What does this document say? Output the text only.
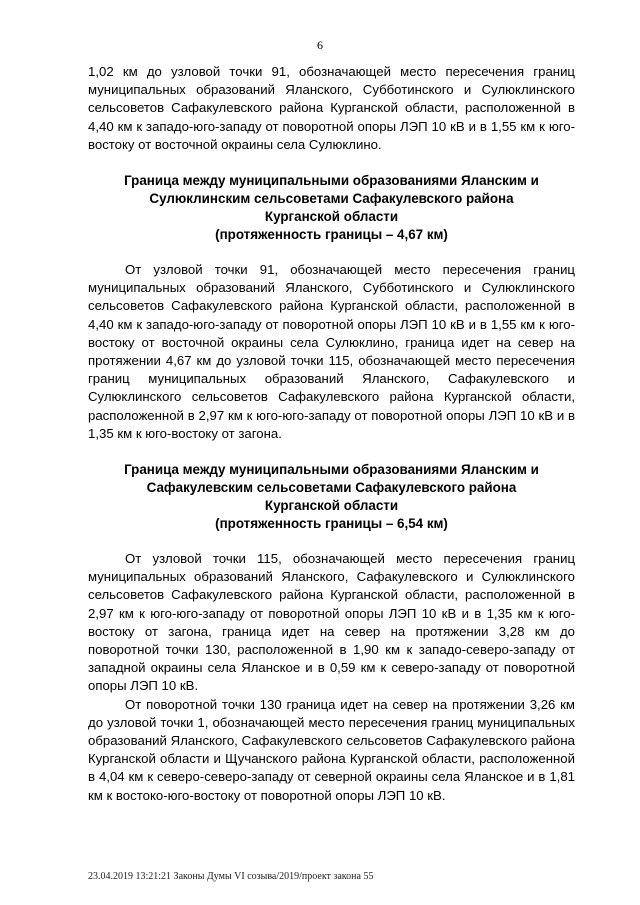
6

1,02 км до узловой точки 91, обозначающей место пересечения границ муниципальных образований Яланского, Субботинского и Сулюклинского сельсоветов Сафакулевского района Курганской области, расположенной в 4,40 км к западо-юго-западу от поворотной опоры ЛЭП 10 кВ и в 1,55 км к юго-востоку от восточной окраины села Сулюклино.

Граница между муниципальными образованиями Яланским и

Сулюклинским сельсоветами Сафакулевского района

Курганской области

(протяженность границы – 4,67 км)

От узловой точки 91, обозначающей место пересечения границ муниципальных образований Яланского, Субботинского и Сулюклинского сельсоветов Сафакулевского района Курганской области, расположенной в 4,40 км к западо-юго-западу от поворотной опоры ЛЭП 10 кВ и в 1,55 км к юго-востоку от восточной окраины села Сулюклино, граница идет на север на протяжении 4,67 км до узловой точки 115, обозначающей место пересечения границ муниципальных образований Яланского, Сафакулевского и Сулюклинского сельсоветов Сафакулевского района Курганской области, расположенной в 2,97 км к юго-юго-западу от поворотной опоры ЛЭП 10 кВ и в 1,35 км к юго-востоку от загона.

Граница между муниципальными образованиями Яланским и

Сафакулевским сельсоветами Сафакулевского района

Курганской области

(протяженность границы – 6,54 км)

От узловой точки 115, обозначающей место пересечения границ муниципальных образований Яланского, Сафакулевского и Сулюклинского сельсоветов Сафакулевского района Курганской области, расположенной в 2,97 км к юго-юго-западу от поворотной опоры ЛЭП 10 кВ и в 1,35 км к юго-востоку от загона, граница идет на север на протяжении 3,28 км до поворотной точки 130, расположенной в 1,90 км к западо-северо-западу от западной окраины села Яланское и в 0,59 км к северо-западу от поворотной опоры ЛЭП 10 кВ.

От поворотной точки 130 граница идет на север на протяжении 3,26 км до узловой точки 1, обозначающей место пересечения границ муниципальных образований Яланского, Сафакулевского сельсоветов Сафакулевского района Курганской области и Щучанского района Курганской области, расположенной в 4,04 км к северо-северо-западу от северной окраины села Яланское и в 1,81 км к востоко-юго-востоку от поворотной опоры ЛЭП 10 кВ.

23.04.2019 13:21:21 Законы Думы VI созыва/2019/проект закона 55
